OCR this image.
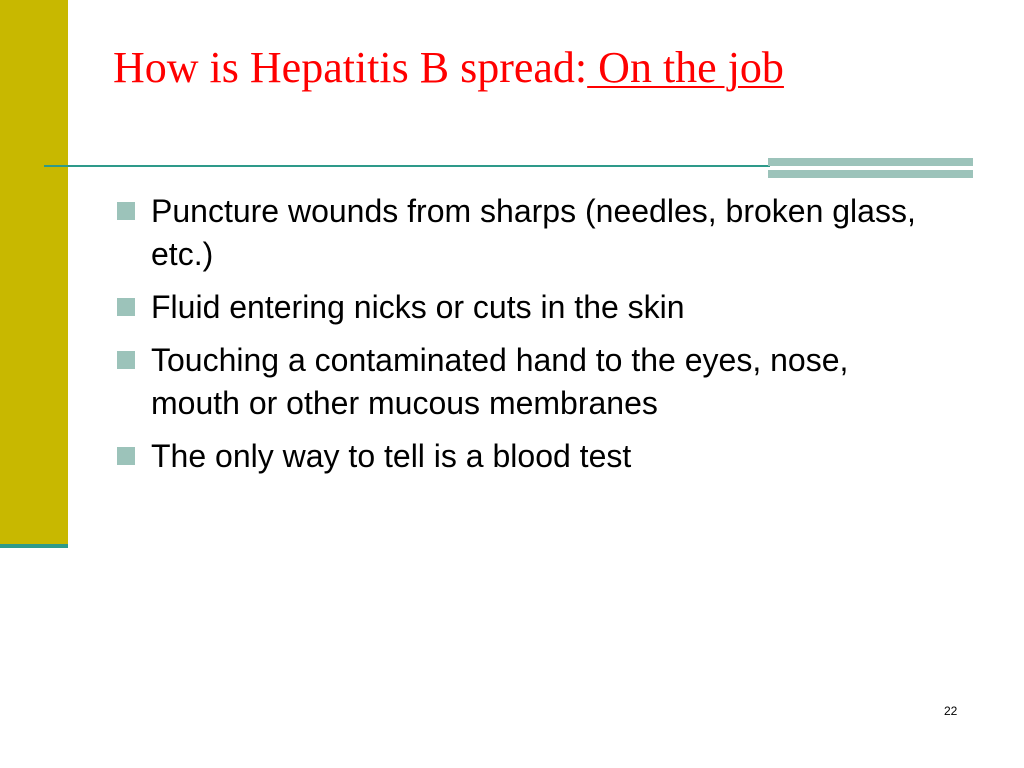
How is Hepatitis B spread: On the job
Puncture wounds from sharps (needles, broken glass, etc.)
Fluid entering nicks or cuts in the skin
Touching a contaminated hand to the eyes, nose, mouth or other mucous membranes
The only way to tell is a blood test
22
